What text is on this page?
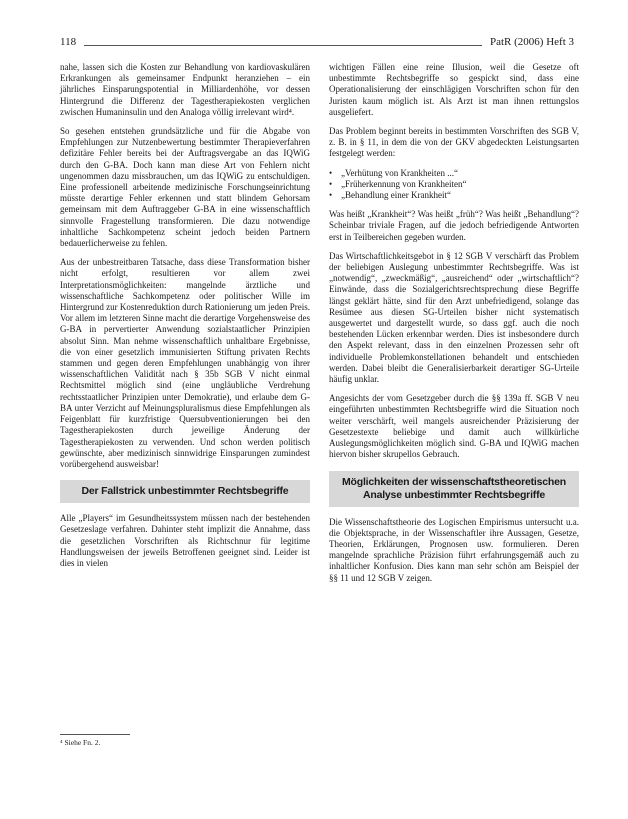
118	PatR (2006) Heft 3

nahe, lassen sich die Kosten zur Behandlung von kardiovaskulären Erkrankungen als gemeinsamer Endpunkt heranziehen – ein jährliches Einsparungspotential in Milliardenhöhe, vor dessen Hintergrund die Differenz der Tagestherapiekosten verglichen zwischen Humaninsulin und den Analoga völlig irrelevant wird⁴.

So gesehen entstehen grundsätzliche und für die Abgabe von Empfehlungen zur Nutzenbewertung bestimmter Therapieverfahren defizitäre Fehler bereits bei der Auftragsvergabe an das IQWiG durch den G-BA. Doch kann man diese Art von Fehlern nicht ungenommen dazu missbrauchen, um das IQWiG zu entschuldigen. Eine professionell arbeitende medizinische Forschungseinrichtung müsste derartige Fehler erkennen und statt blindem Gehorsam gemeinsam mit dem Auftraggeber G-BA in eine wissenschaftlich sinnvolle Fragestellung transformieren. Die dazu notwendige inhaltliche Sachkompetenz scheint jedoch beiden Partnern bedauerlicherweise zu fehlen.

Aus der unbestreitbaren Tatsache, dass diese Transformation bisher nicht erfolgt, resultieren vor allem zwei Interpretationsmöglichkeiten: mangelnde ärztliche und wissenschaftliche Sachkompetenz oder politischer Wille im Hintergrund zur Kostenreduktion durch Rationierung um jeden Preis. Vor allem im letzteren Sinne macht die derartige Vorgehensweise des G-BA in pervertierter Anwendung sozialstaatlicher Prinzipien absolut Sinn. Man nehme wissenschaftlich unhaltbare Ergebnisse, die von einer gesetzlich immunisierten Stiftung privaten Rechts stammen und gegen deren Empfehlungen unabhängig von ihrer wissenschaftlichen Validität nach § 35b SGB V nicht einmal Rechtsmittel möglich sind (eine ungläubliche Verdrehung rechtsstaatlicher Prinzipien unter Demokratie), und erlaube dem G-BA unter Verzicht auf Meinungspluralismus diese Empfehlungen als Feigenblatt für kurzfristige Quersubventionierungen bei den Tagestherapiekosten durch jeweilige Änderung der Tagestherapiekosten zu verwenden. Und schon werden politisch gewünschte, aber medizinisch sinnwidrige Einsparungen zumindest vorübergehend ausweisbar!

Der Fallstrick unbestimmter Rechtsbegriffe

Alle „Players“ im Gesundheitssystem müssen nach der bestehenden Gesetzeslage verfahren. Dahinter steht implizit die Annahme, dass die gesetzlichen Vorschriften als Richtschnur für legitime Handlungsweisen der jeweils Betroffenen geeignet sind. Leider ist dies in vielen

⁴ Siehe Fn. 2.

wichtigen Fällen eine reine Illusion, weil die Gesetze oft unbestimmte Rechtsbegriffe so gespickt sind, dass eine Operationalisierung der einschlägigen Vorschriften schon für den Juristen kaum möglich ist. Als Arzt ist man ihnen rettungslos ausgeliefert.

Das Problem beginnt bereits in bestimmten Vorschriften des SGB V, z. B. in § 11, in dem die von der GKV abgedeckten Leistungsarten festgelegt werden:

• „Verhütung von Krankheiten ...“
• „Früherkennung von Krankheiten“
• „Behandlung einer Krankheit“

Was heißt „Krankheit“? Was heißt „früh“? Was heißt „Behandlung“? Scheinbar triviale Fragen, auf die jedoch befriedigende Antworten erst in Teilbereichen gegeben wurden.

Das Wirtschaftlichkeitsgebot in § 12 SGB V verschärft das Problem der beliebigen Auslegung unbestimmter Rechtsbegriffe. Was ist „notwendig“, „zweckmäßig“, „ausreichend“ oder „wirtschaftlich“? Einwände, dass die Sozialgerichtsrechtsprechung diese Begriffe längst geklärt hätte, sind für den Arzt unbefriedigend, solange das Resümee aus diesen SG-Urteilen bisher nicht systematisch ausgewertet und dargestellt wurde, so dass ggf. auch die noch bestehenden Lücken erkennbar werden. Dies ist insbesondere durch den Aspekt relevant, dass in den einzelnen Prozessen sehr oft individuelle Problemkonstellationen behandelt und entschieden werden. Dabei bleibt die Generalisierbarkeit derartiger SG-Urteile häufig unklar.

Angesichts der vom Gesetzgeber durch die §§ 139a ff. SGB V neu eingeführten unbestimmten Rechtsbegriffe wird die Situation noch weiter verschärft, weil mangels ausreichender Präzisierung der Gesetzestexte beliebige und damit auch willkürliche Auslegungsmöglichkeiten möglich sind. G-BA und IQWiG machen hiervon bisher skrupellos Gebrauch.

Möglichkeiten der wissenschaftstheoretischen Analyse unbestimmter Rechtsbegriffe

Die Wissenschaftstheorie des Logischen Empirismus untersucht u.a. die Objektsprache, in der Wissenschaftler ihre Aussagen, Gesetze, Theorien, Erklärungen, Prognosen usw. formulieren. Deren mangelnde sprachliche Präzision führt erfahrungsgemäß auch zu inhaltlicher Konfusion. Dies kann man sehr schön am Beispiel der §§ 11 und 12 SGB V zeigen.
